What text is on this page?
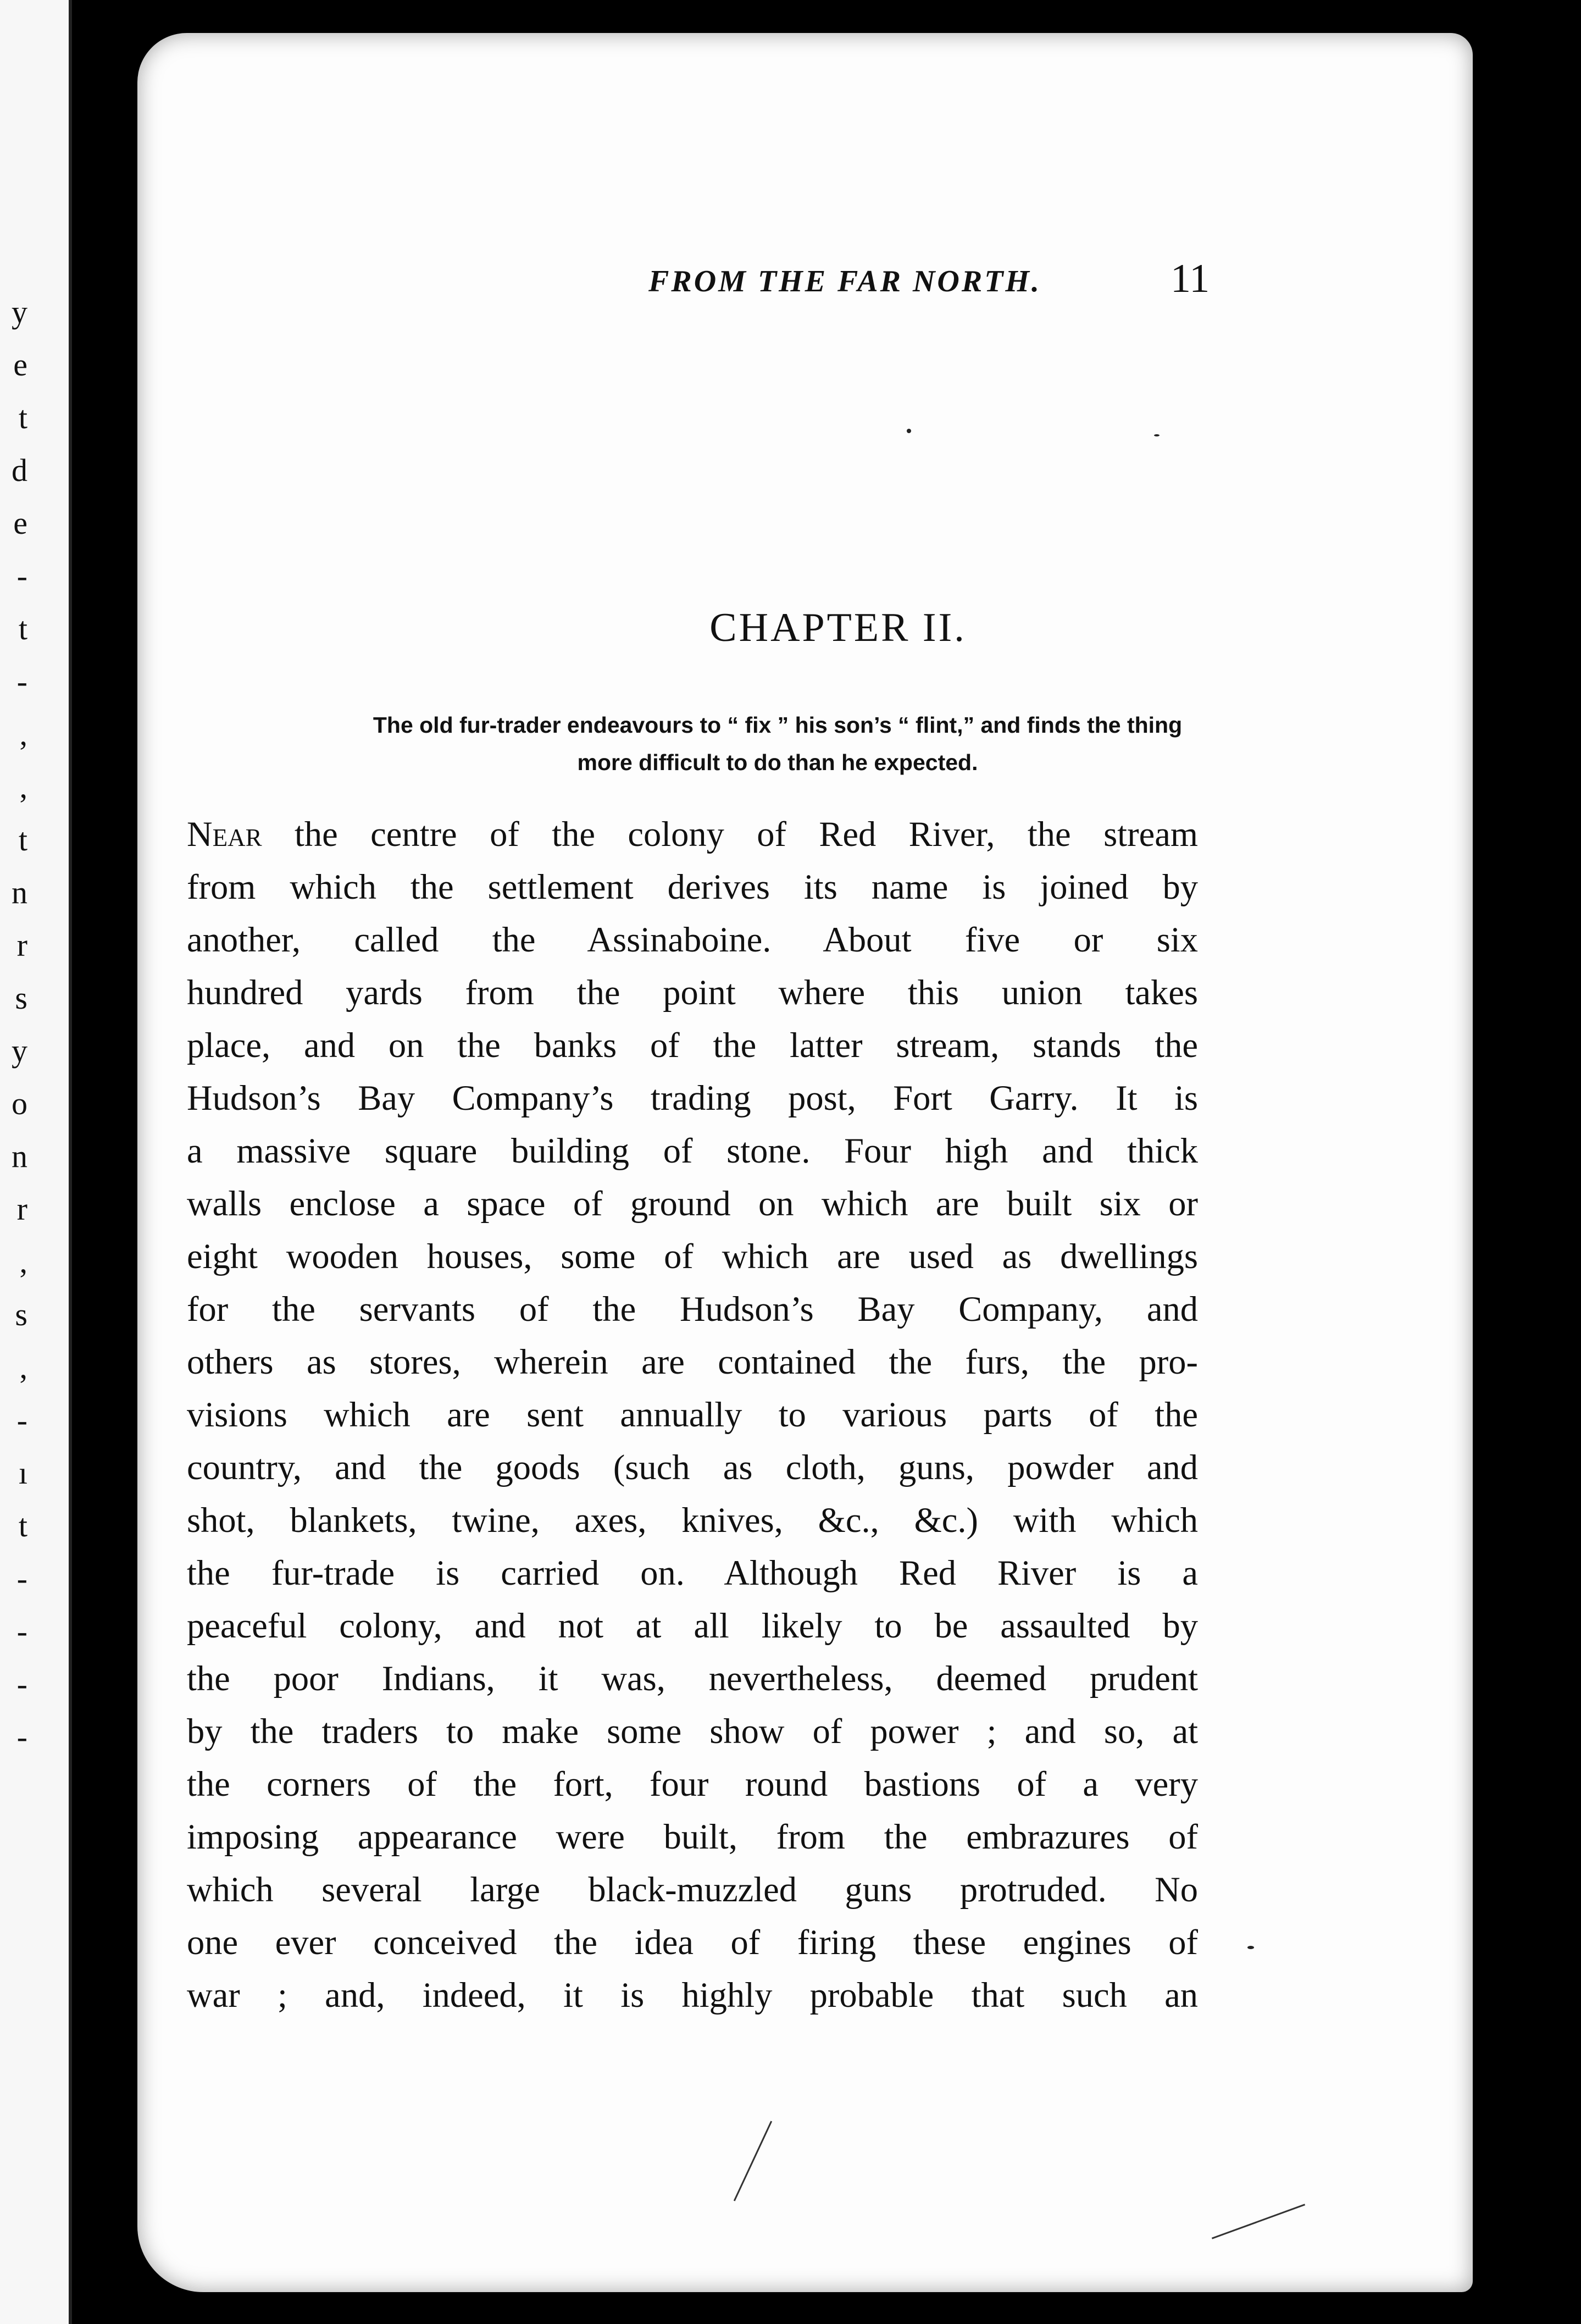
y
e
t
d
e
-
t
-
,
,
t
n
r
s
y
o
n
r
,
s
,
-
ı
t
-
-
-
-
FROM THE FAR NORTH.	11
CHAPTER II.
The old fur-trader endeavours to “ fix ” his son’s “ flint,” and finds the thing
more difficult to do than he expected.
Near the centre of the colony of Red River, the stream
from which the settlement derives its name is joined by
another, called the Assinaboine. About five or six
hundred yards from the point where this union takes
place, and on the banks of the latter stream, stands the
Hudson’s Bay Company’s trading post, Fort Garry. It is
a massive square building of stone. Four high and thick
walls enclose a space of ground on which are built six or
eight wooden houses, some of which are used as dwellings
for the servants of the Hudson’s Bay Company, and
others as stores, wherein are contained the furs, the pro-
visions which are sent annually to various parts of the
country, and the goods (such as cloth, guns, powder and
shot, blankets, twine, axes, knives, &c., &c.) with which
the fur-trade is carried on. Although Red River is a
peaceful colony, and not at all likely to be assaulted by
the poor Indians, it was, nevertheless, deemed prudent
by the traders to make some show of power ; and so, at
the corners of the fort, four round bastions of a very
imposing appearance were built, from the embrazures of
which several large black-muzzled guns protruded. No
one ever conceived the idea of firing these engines of
war ; and, indeed, it is highly probable that such an
